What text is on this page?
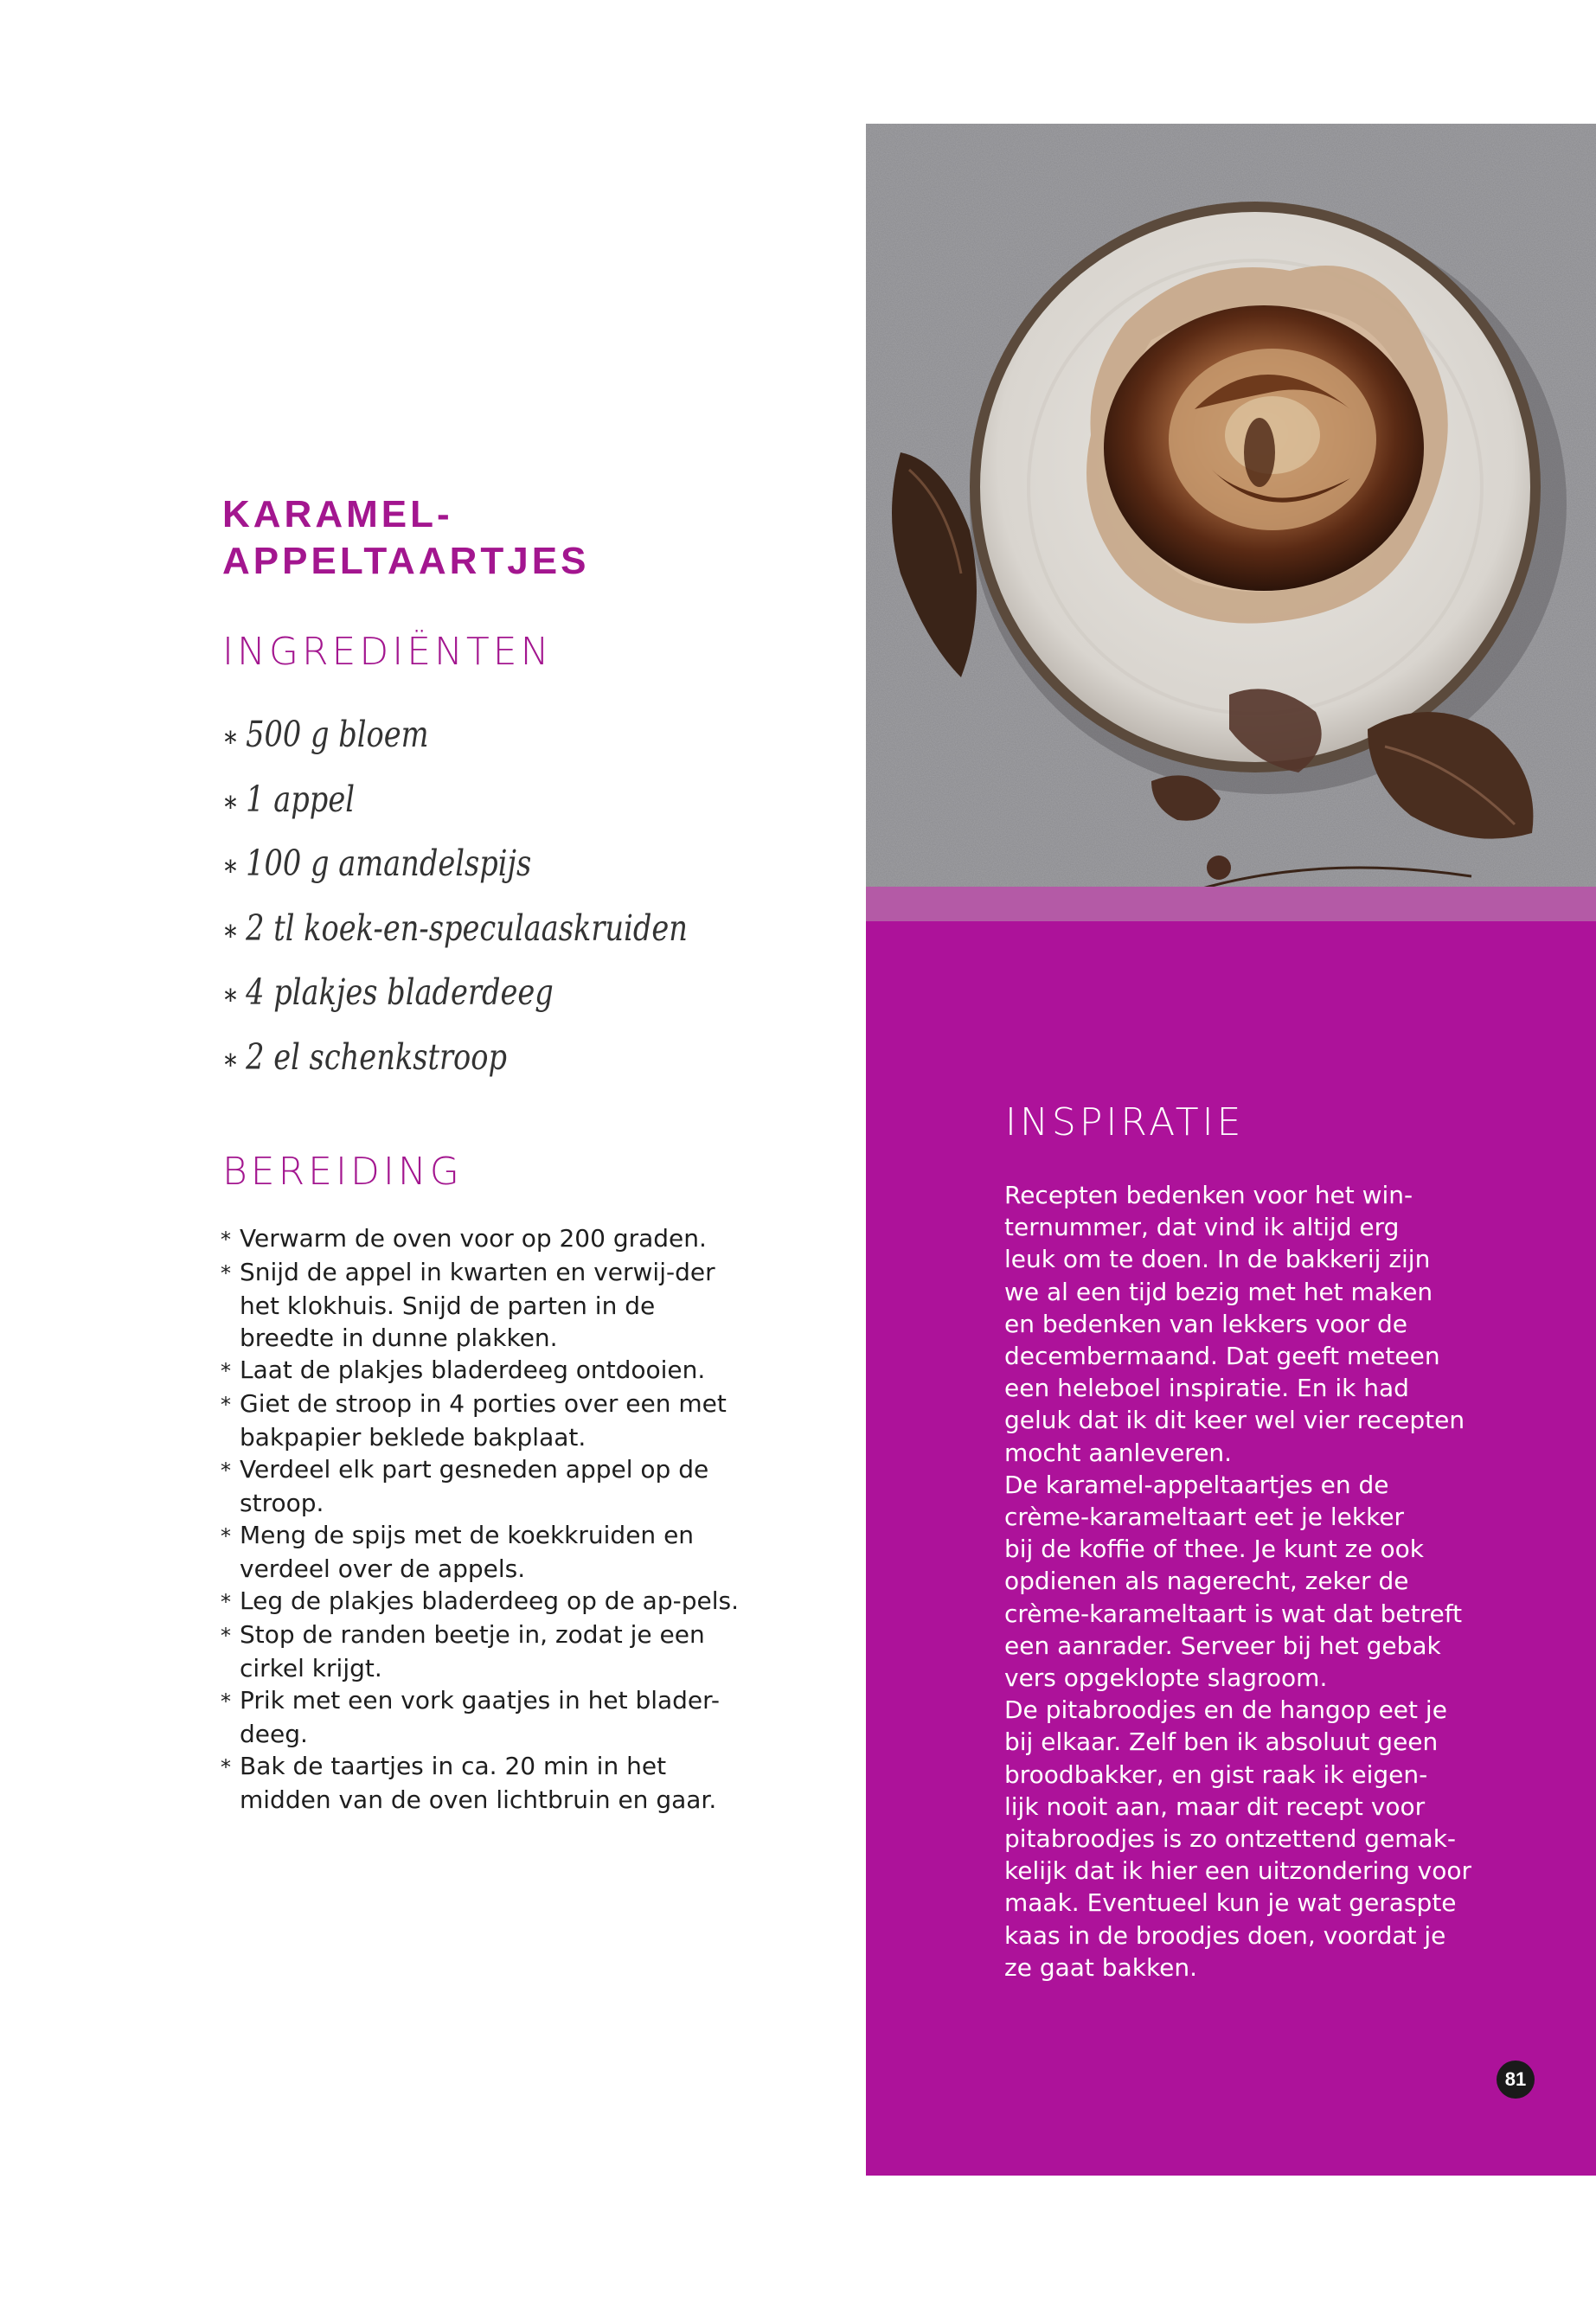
KARAMEL-
APPELTAARTJES
INGREDIËNTEN
∗ 500 g bloem
∗ 1 appel
∗ 100 g amandelspijs
∗ 2 tl koek-en-speculaaskruiden
∗ 4 plakjes bladerdeeg
∗ 2 el schenkstroop
BEREIDING
* Verwarm de oven voor op 200 graden.
* Snijd de appel in kwarten en verwij-der het klokhuis. Snijd de parten in de breedte in dunne plakken.
* Laat de plakjes bladerdeeg ontdooien.
* Giet de stroop in 4 porties over een met bakpapier beklede bakplaat.
* Verdeel elk part gesneden appel op de stroop.
* Meng de spijs met de koekkruiden en verdeel over de appels.
* Leg de plakjes bladerdeeg op de ap-pels.
* Stop de randen beetje in, zodat je een cirkel krijgt.
* Prik met een vork gaatjes in het blader-deeg.
* Bak de taartjes in ca. 20 min in het midden van de oven lichtbruin en gaar.
INSPIRATIE

Recepten bedenken voor het win-
ternummer, dat vind ik altijd erg
leuk om te doen. In de bakkerij zijn
we al een tijd bezig met het maken
en bedenken van lekkers voor de
decembermaand. Dat geeft meteen
een heleboel inspiratie. En ik had
geluk dat ik dit keer wel vier recepten
mocht aanleveren.
De karamel-appeltaartjes en de
crème-karameltaart eet je lekker
bij de koffie of thee. Je kunt ze ook
opdienen als nagerecht, zeker de
crème-karameltaart is wat dat betreft
een aanrader. Serveer bij het gebak
vers opgeklopte slagroom.
De pitabroodjes en de hangop eet je
bij elkaar. Zelf ben ik absoluut geen
broodbakker, en gist raak ik eigen-
lijk nooit aan, maar dit recept voor
pitabroodjes is zo ontzettend gemak-
kelijk dat ik hier een uitzondering voor
maak. Eventueel kun je wat geraspte
kaas in de broodjes doen, voordat je
ze gaat bakken.

81
